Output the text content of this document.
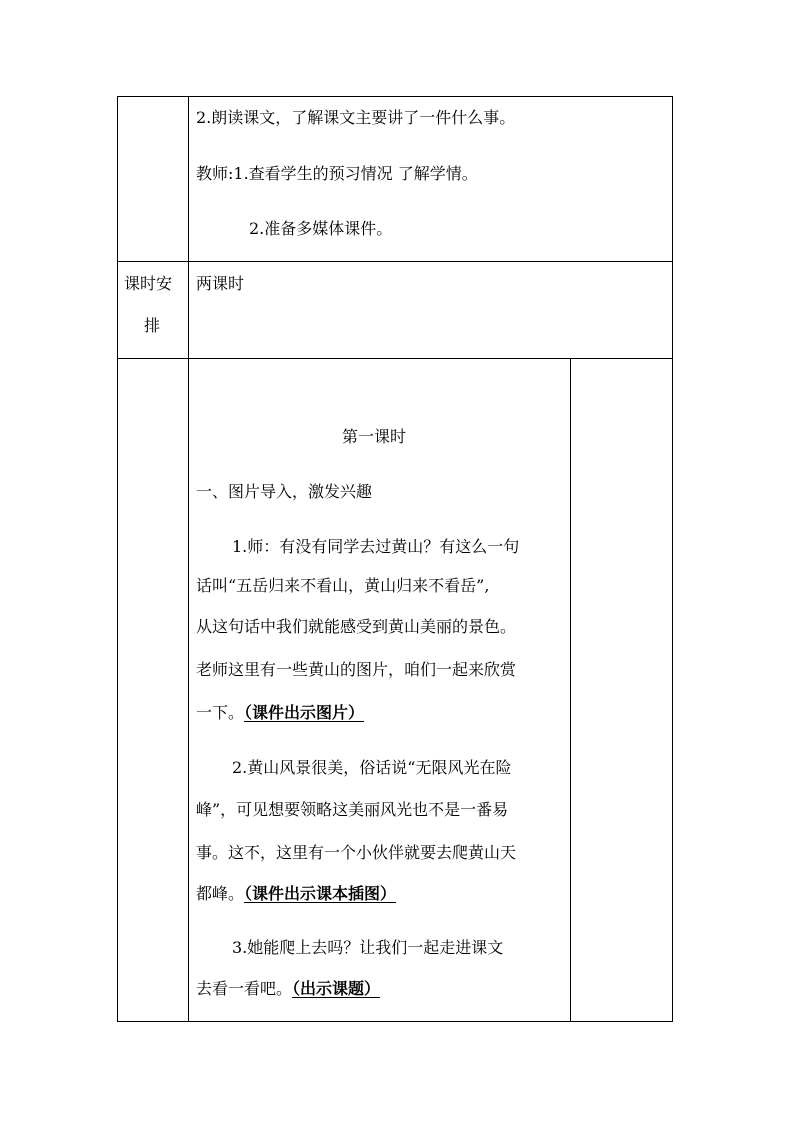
2.朗读课文，了解课文主要讲了一件什么事。
教师:1.查看学生的预习情况 了解学情。
2.准备多媒体课件。
课时安
排
两课时
第一课时
一、图片导入，激发兴趣
1.师：有没有同学去过黄山？有这么一句
话叫“五岳归来不看山，黄山归来不看岳”,
从这句话中我们就能感受到黄山美丽的景色。
老师这里有一些黄山的图片，咱们一起来欣赏
一下。（课件出示图片）
2.黄山风景很美，俗话说“无限风光在险
峰”，可见想要领略这美丽风光也不是一番易
事。这不，这里有一个小伙伴就要去爬黄山天
都峰。（课件出示课本插图）
3.她能爬上去吗？让我们一起走进课文
去看一看吧。（出示课题）
